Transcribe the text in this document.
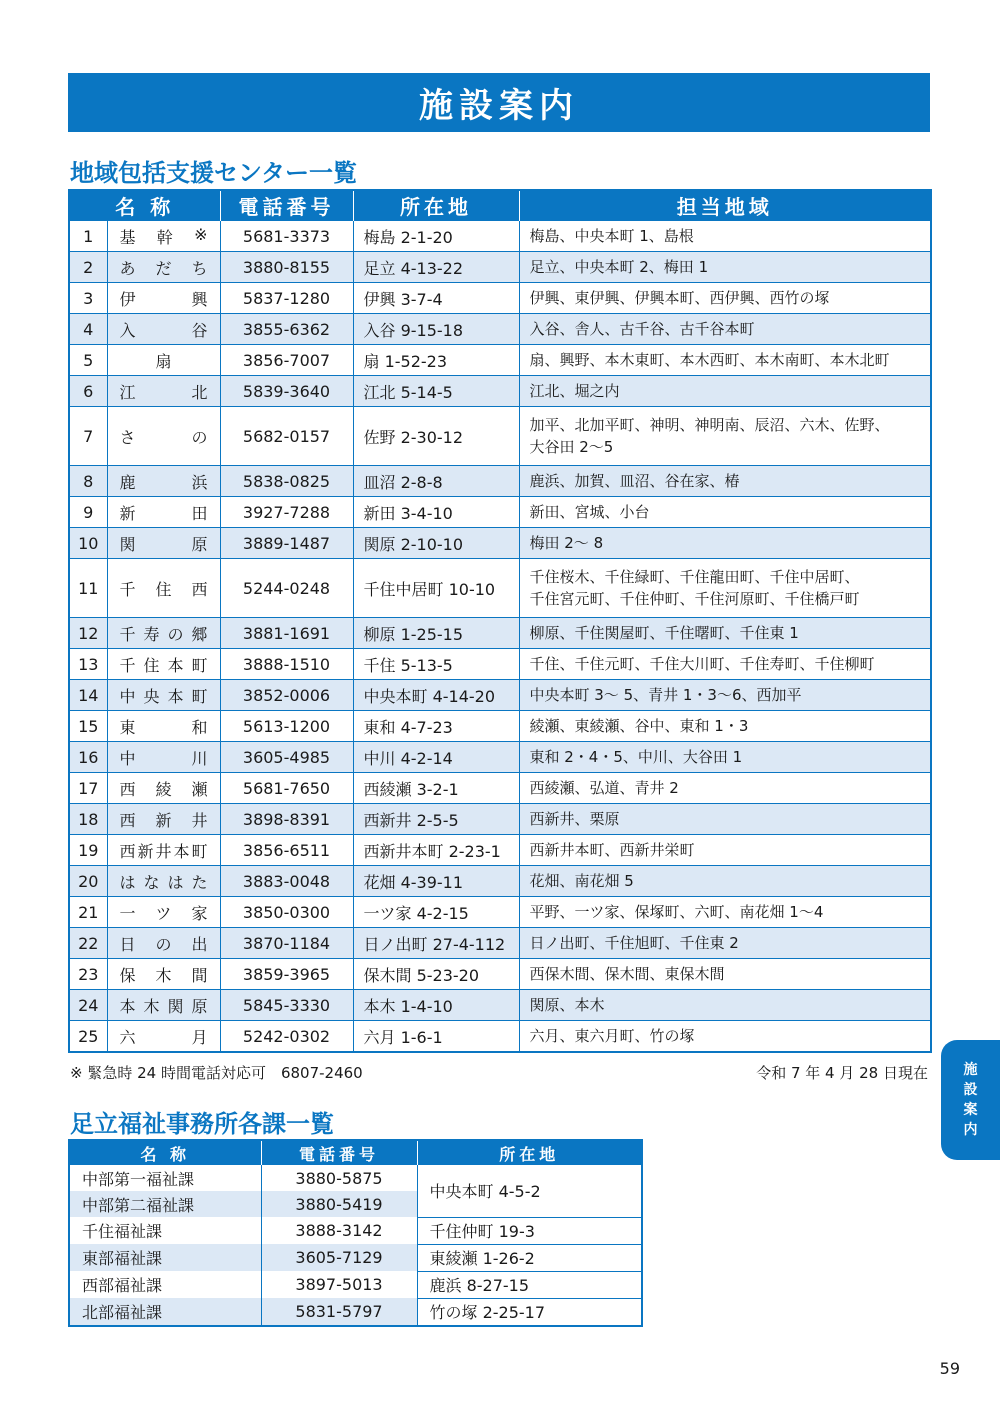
施設案内
地域包括支援センター一覧
名 称		電話番号	所在地	担当地域
1	基 幹 ※	5681-3373	梅島 2-1-20	梅島、中央本町 1、島根
2	あ だ ち	3880-8155	足立 4-13-22	足立、中央本町 2、梅田 1
3	伊 興	5837-1280	伊興 3-7-4	伊興、東伊興、伊興本町、西伊興、西竹の塚
4	入 谷	3855-6362	入谷 9-15-18	入谷、舎人、古千谷、古千谷本町
5	扇	3856-7007	扇 1-52-23	扇、興野、本木東町、本木西町、本木南町、本木北町
6	江 北	5839-3640	江北 5-14-5	江北、堀之内
7	さ の	5682-0157	佐野 2-30-12	加平、北加平町、神明、神明南、辰沼、六木、佐野、
大谷田 2～5
8	鹿 浜	5838-0825	皿沼 2-8-8	鹿浜、加賀、皿沼、谷在家、椿
9	新 田	3927-7288	新田 3-4-10	新田、宮城、小台
10	関 原	3889-1487	関原 2-10-10	梅田 2～ 8
11	千 住 西	5244-0248	千住中居町 10-10	千住桜木、千住緑町、千住龍田町、千住中居町、
千住宮元町、千住仲町、千住河原町、千住橋戸町
12	千 寿 の 郷	3881-1691	柳原 1-25-15	柳原、千住関屋町、千住曙町、千住東 1
13	千 住 本 町	3888-1510	千住 5-13-5	千住、千住元町、千住大川町、千住寿町、千住柳町
14	中 央 本 町	3852-0006	中央本町 4-14-20	中央本町 3～ 5、青井 1・3～6、西加平
15	東 和	5613-1200	東和 4-7-23	綾瀬、東綾瀬、谷中、東和 1・3
16	中 川	3605-4985	中川 4-2-14	東和 2・4・5、中川、大谷田 1
17	西 綾 瀬	5681-7650	西綾瀬 3-2-1	西綾瀬、弘道、青井 2
18	西 新 井	3898-8391	西新井 2-5-5	西新井、栗原
19	西 新 井 本 町	3856-6511	西新井本町 2-23-1	西新井本町、西新井栄町
20	は な は た	3883-0048	花畑 4-39-11	花畑、南花畑 5
21	一 ツ 家	3850-0300	一ツ家 4-2-15	平野、一ツ家、保塚町、六町、南花畑 1～4
22	日 の 出	3870-1184	日ノ出町 27-4-112	日ノ出町、千住旭町、千住東 2
23	保 木 間	3859-3965	保木間 5-23-20	西保木間、保木間、東保木間
24	本 木 関 原	5845-3330	本木 1-4-10	関原、本木
25	六 月	5242-0302	六月 1-6-1	六月、東六月町、竹の塚
※ 緊急時 24 時間電話対応可　6807-2460	令和 7 年 4 月 28 日現在
足立福祉事務所各課一覧
名 称	電話番号	所在地
中部第一福祉課	3880-5875	中央本町 4-5-2
中部第二福祉課	3880-5419	
千住福祉課	3888-3142	千住仲町 19-3
東部福祉課	3605-7129	東綾瀬 1-26-2
西部福祉課	3897-5013	鹿浜 8-27-15
北部福祉課	5831-5797	竹の塚 2-25-17
施
設
案
内
59
